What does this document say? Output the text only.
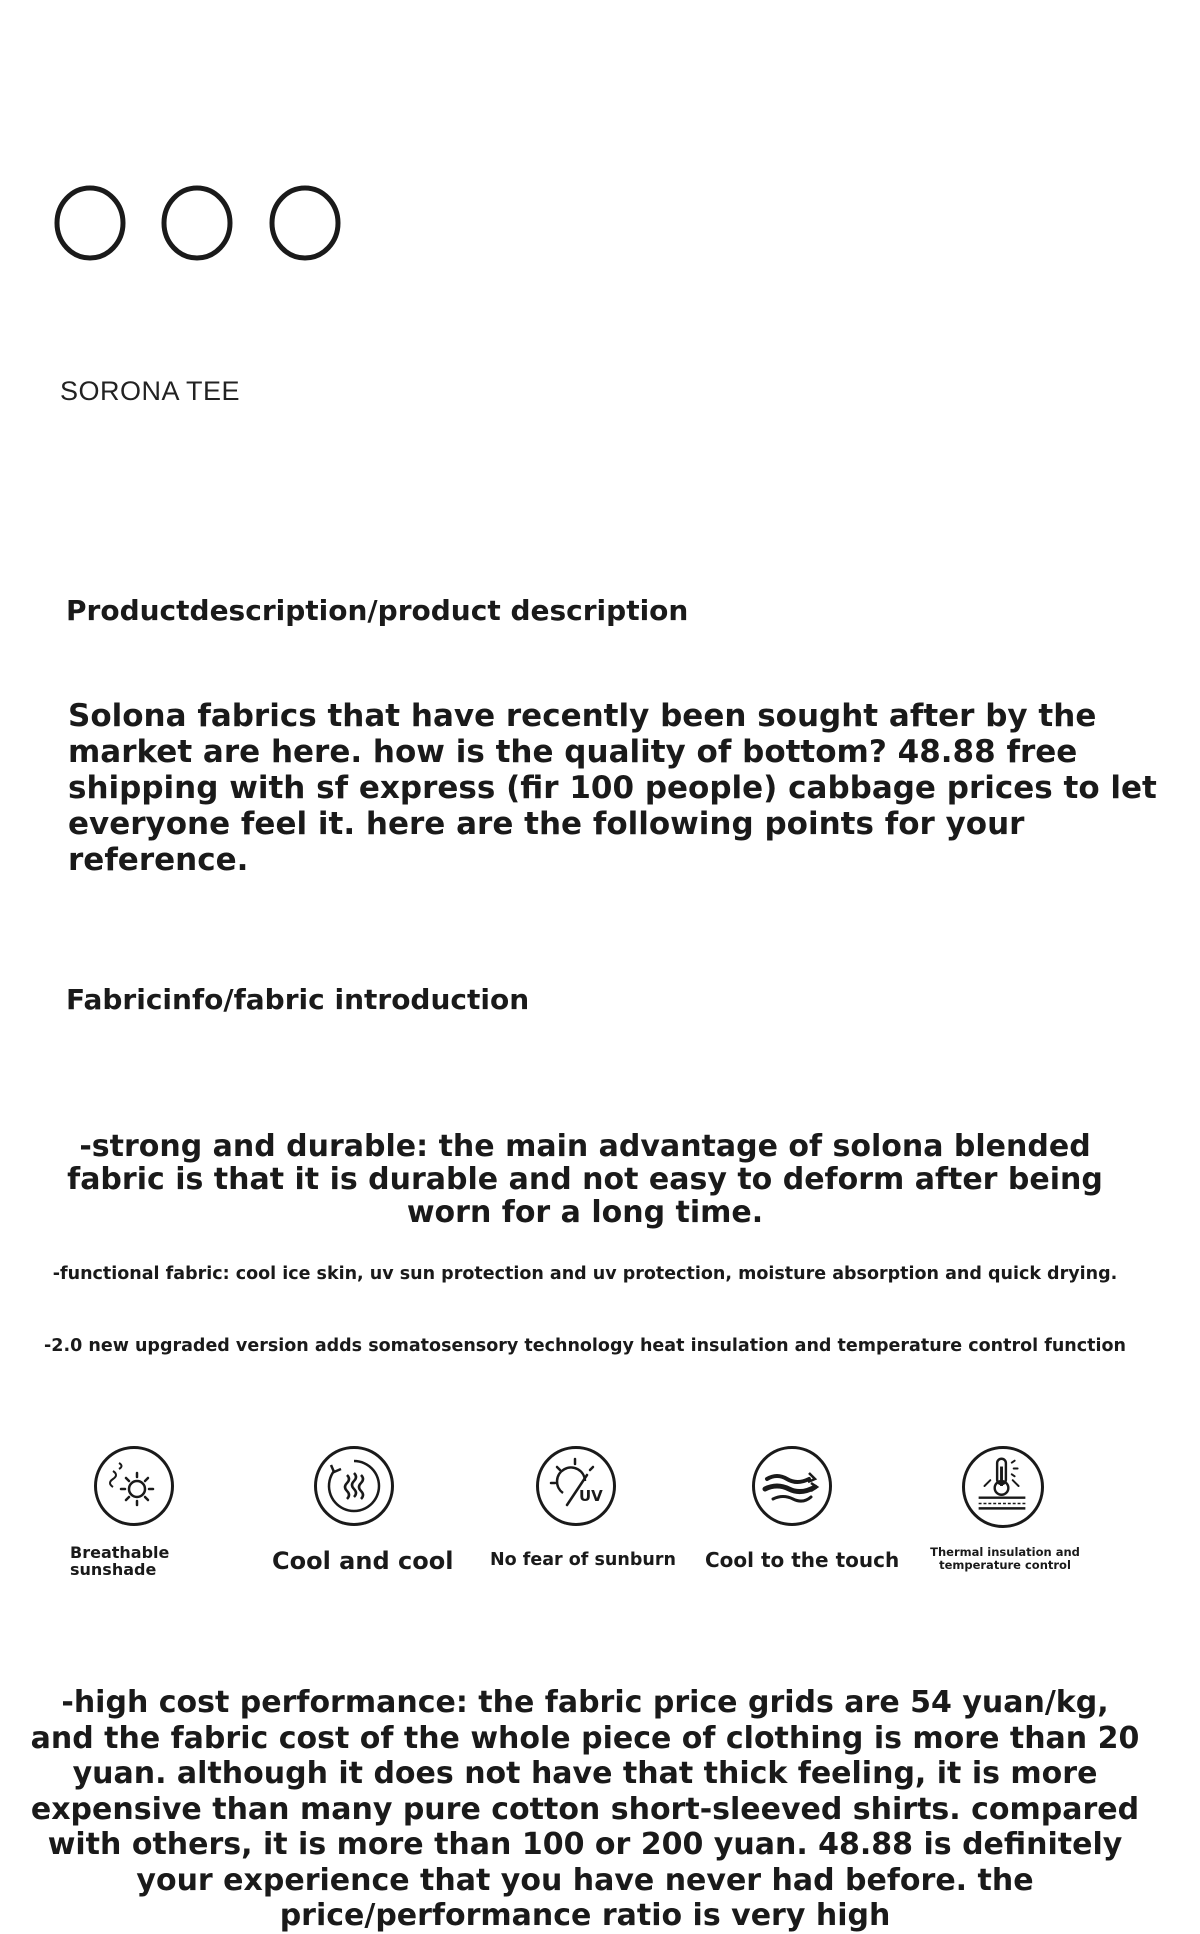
SORONA TEE
Productdescription/product description
Solona fabrics that have recently been sought after by the market are here. how is the quality of bottom? 48.88 free shipping with sf express (fir 100 people) cabbage prices to let everyone feel it. here are the following points for your reference.
Fabricinfo/fabric introduction
-strong and durable: the main advantage of solona blended fabric is that it is durable and not easy to deform after being worn for a long time.
-functional fabric: cool ice skin, uv sun protection and uv protection, moisture absorption and quick drying.
-2.0 new upgraded version adds somatosensory technology heat insulation and temperature control function
Breathable sunshade	Cool and cool
UV
No fear of sunburn Cool to the touch	Thermal insulation and temperature control
-high cost performance: the fabric price grids are 54 yuan/kg, and the fabric cost of the whole piece of clothing is more than 20 yuan. although it does not have that thick feeling, it is more expensive than many pure cotton short-sleeved shirts. compared with others, it is more than 100 or 200 yuan. 48.88 is definitely your experience that you have never had before. the price/performance ratio is very high
